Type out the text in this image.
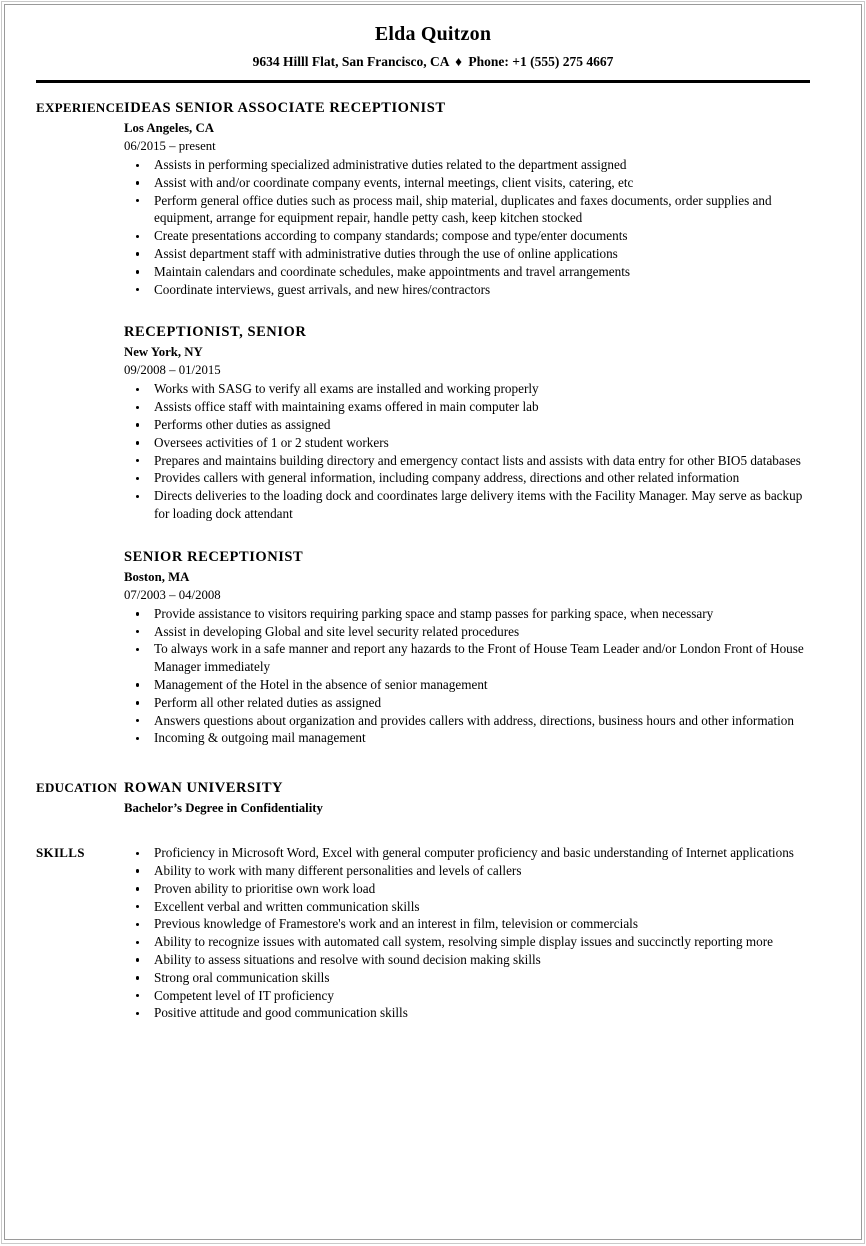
Elda Quitzon
9634 Hilll Flat, San Francisco, CA ♦ Phone: +1 (555) 275 4667
EXPERIENCE IDEAS SENIOR ASSOCIATE RECEPTIONIST
Los Angeles, CA
06/2015 – present
Assists in performing specialized administrative duties related to the department assigned
Assist with and/or coordinate company events, internal meetings, client visits, catering, etc
Perform general office duties such as process mail, ship material, duplicates and faxes documents, order supplies and equipment, arrange for equipment repair, handle petty cash, keep kitchen stocked
Create presentations according to company standards; compose and type/enter documents
Assist department staff with administrative duties through the use of online applications
Maintain calendars and coordinate schedules, make appointments and travel arrangements
Coordinate interviews, guest arrivals, and new hires/contractors
RECEPTIONIST, SENIOR
New York, NY
09/2008 – 01/2015
Works with SASG to verify all exams are installed and working properly
Assists office staff with maintaining exams offered in main computer lab
Performs other duties as assigned
Oversees activities of 1 or 2 student workers
Prepares and maintains building directory and emergency contact lists and assists with data entry for other BIO5 databases
Provides callers with general information, including company address, directions and other related information
Directs deliveries to the loading dock and coordinates large delivery items with the Facility Manager. May serve as backup for loading dock attendant
SENIOR RECEPTIONIST
Boston, MA
07/2003 – 04/2008
Provide assistance to visitors requiring parking space and stamp passes for parking space, when necessary
Assist in developing Global and site level security related procedures
To always work in a safe manner and report any hazards to the Front of House Team Leader and/or London Front of House Manager immediately
Management of the Hotel in the absence of senior management
Perform all other related duties as assigned
Answers questions about organization and provides callers with address, directions, business hours and other information
Incoming & outgoing mail management
EDUCATION ROWAN UNIVERSITY
Bachelor’s Degree in Confidentiality
SKILLS	Proficiency in Microsoft Word, Excel with general computer proficiency and basic understanding of Internet applications
Ability to work with many different personalities and levels of callers
Proven ability to prioritise own work load
Excellent verbal and written communication skills
Previous knowledge of Framestore's work and an interest in film, television or commercials
Ability to recognize issues with automated call system, resolving simple display issues and succinctly reporting more
Ability to assess situations and resolve with sound decision making skills
Strong oral communication skills
Competent level of IT proficiency
Positive attitude and good communication skills
